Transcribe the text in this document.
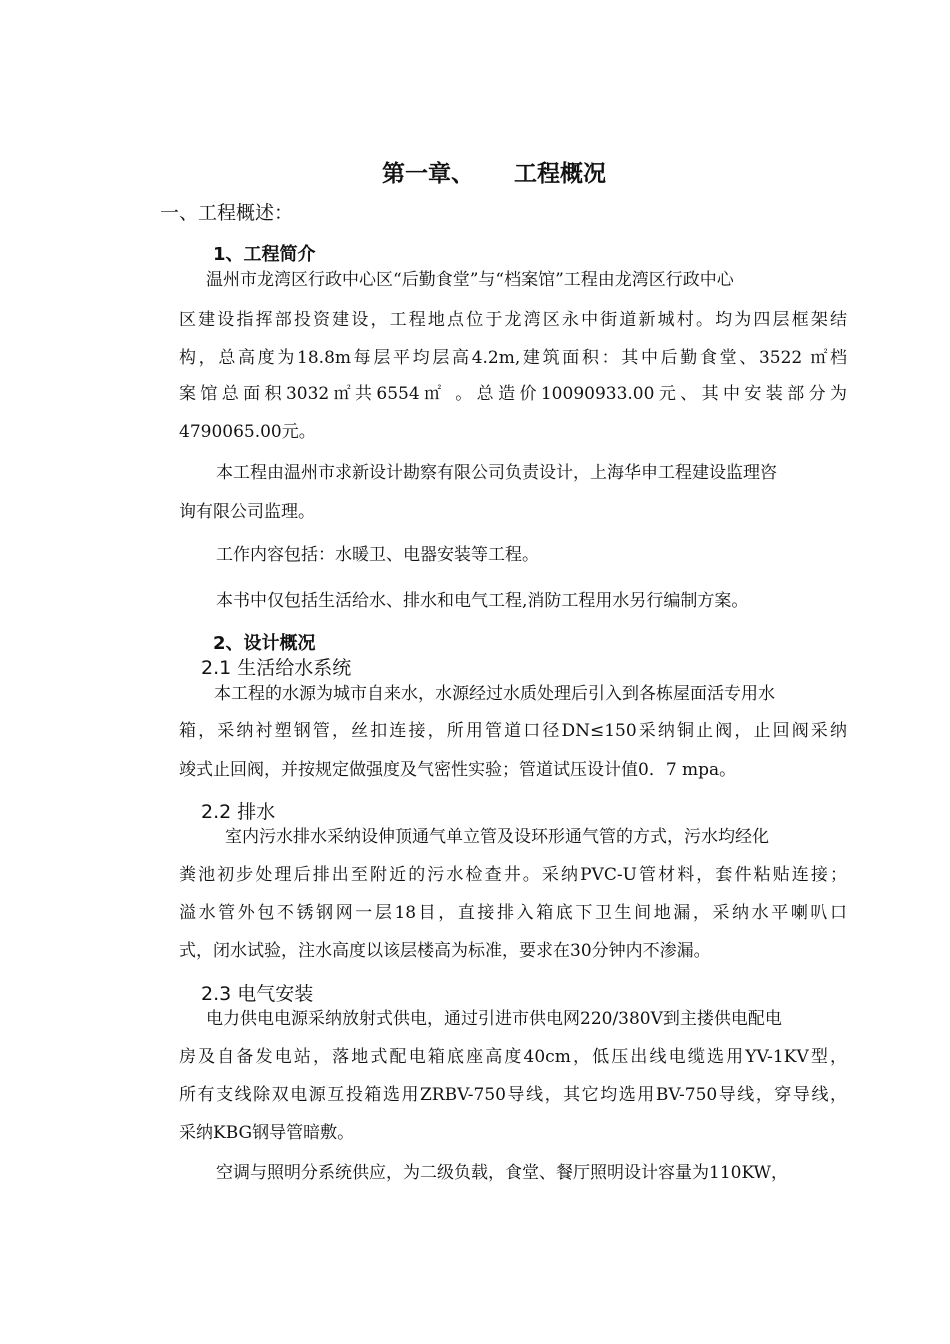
第一章、     工程概况
一、工程概述：
1、工程简介

温州市龙湾区行政中心区“后勤食堂”与“档案馆”工程由龙湾区行政中心

区建设指挥部投资建设，工程地点位于龙湾区永中街道新城村。均为四层框架结

构，总高度为18.8m每层平均层高4.2m,建筑面积：其中后勤食堂、3522 ㎡档

案馆总面积3032㎡共6554㎡ 。总造价10090933.00元、其中安装部分为

4790065.00元。

本工程由温州市求新设计勘察有限公司负责设计，上海华申工程建设监理咨

询有限公司监理。

工作内容包括：水暖卫、电器安装等工程。

本书中仅包括生活给水、排水和电气工程,消防工程用水另行编制方案。

2、设计概况
2.1 生活给水系统

本工程的水源为城市自来水，水源经过水质处理后引入到各栋屋面活专用水

箱，采纳衬塑钢管，丝扣连接，所用管道口径DN≤150采纳铜止阀，止回阀采纳

竣式止回阀，并按规定做强度及气密性实验；管道试压设计值0．7 mpa。

2.2 排水

室内污水排水采纳设伸顶通气单立管及设环形通气管的方式，污水均经化

粪池初步处理后排出至附近的污水检查井。采纳PVC-U管材料，套件粘贴连接；

溢水管外包不锈钢网一层18目，直接排入箱底下卫生间地漏，采纳水平喇叭口

式，闭水试验，注水高度以该层楼高为标准，要求在30分钟内不渗漏。

2.3 电气安装

电力供电电源采纳放射式供电，通过引进市供电网220/380V到主搂供电配电

房及自备发电站，落地式配电箱底座高度40cm，低压出线电缆选用YV-1KV型，

所有支线除双电源互投箱选用ZRBV-750导线，其它均选用BV-750导线，穿导线，

采纳KBG钢导管暗敷。

空调与照明分系统供应，为二级负载，食堂、餐厅照明设计容量为110KW，
